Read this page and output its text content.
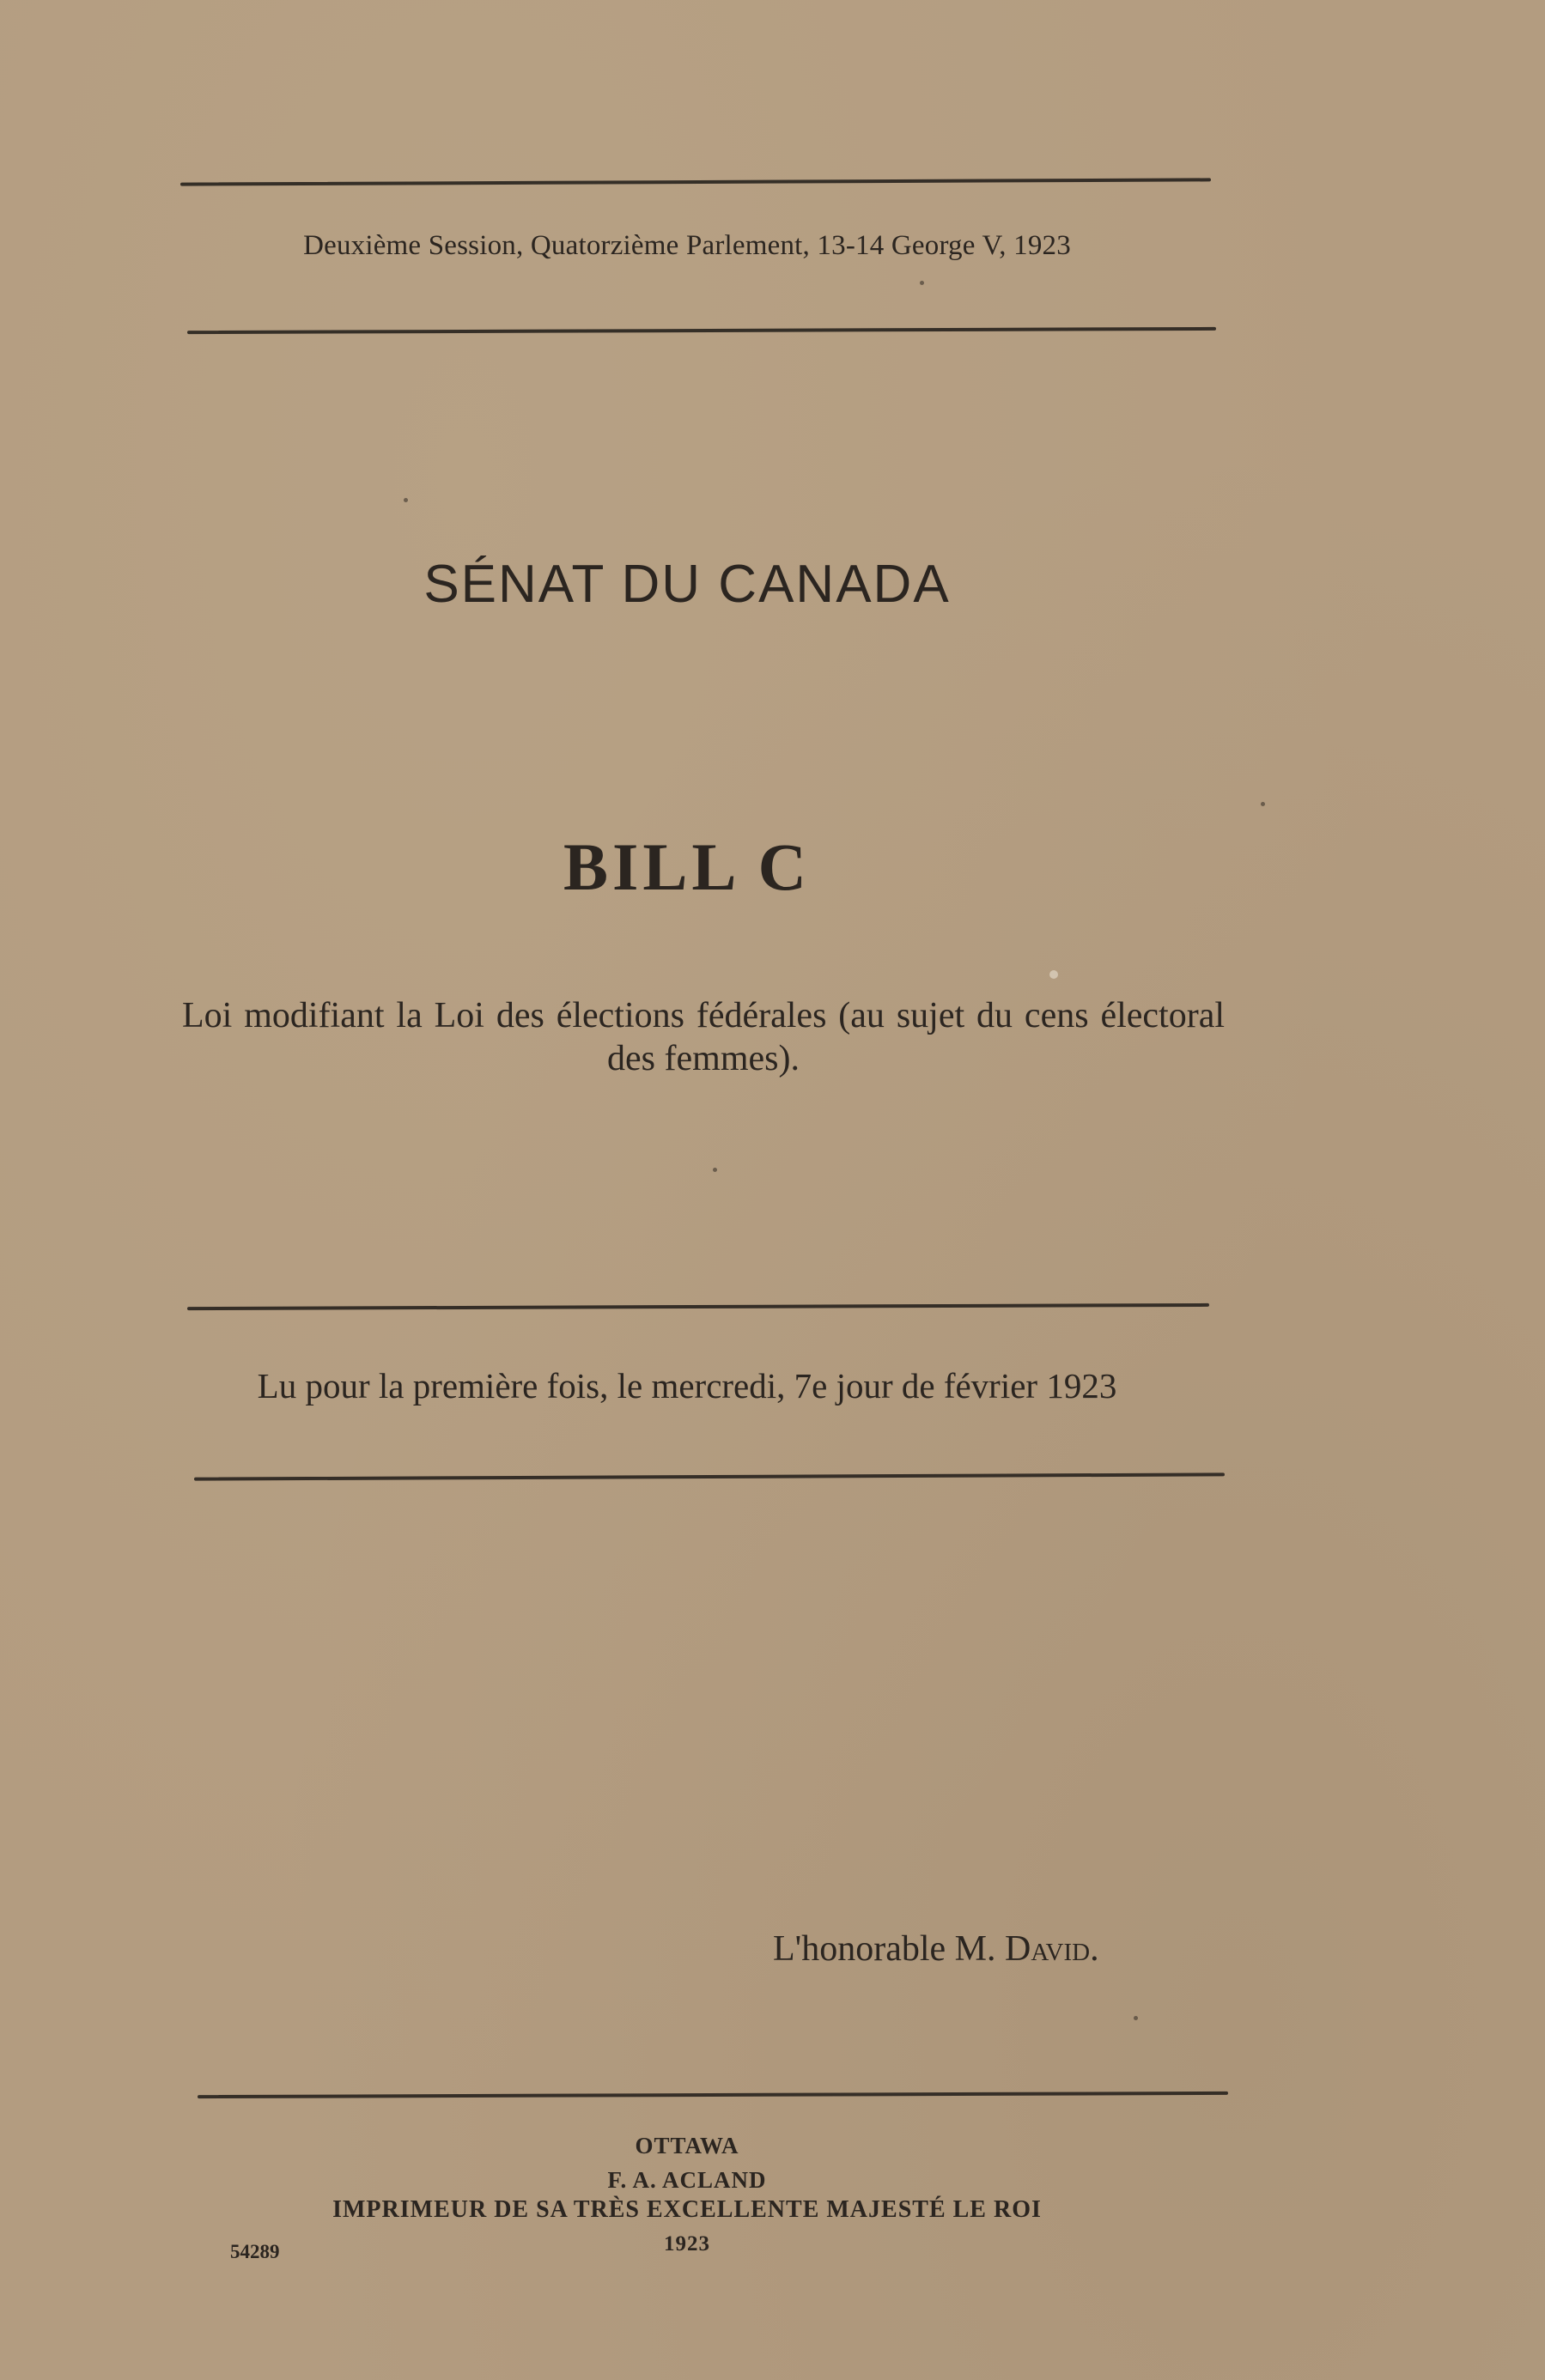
Deuxième Session, Quatorzième Parlement, 13-14 George V, 1923
SÉNAT DU CANADA
BILL C
Loi modifiant la Loi des élections fédérales (au sujet du cens électoral des femmes).
Lu pour la première fois, le mercredi, 7e jour de février 1923
L'honorable M. David.
OTTAWA
F. A. ACLAND
IMPRIMEUR DE SA TRÈS EXCELLENTE MAJESTÉ LE ROI
1923
54289
